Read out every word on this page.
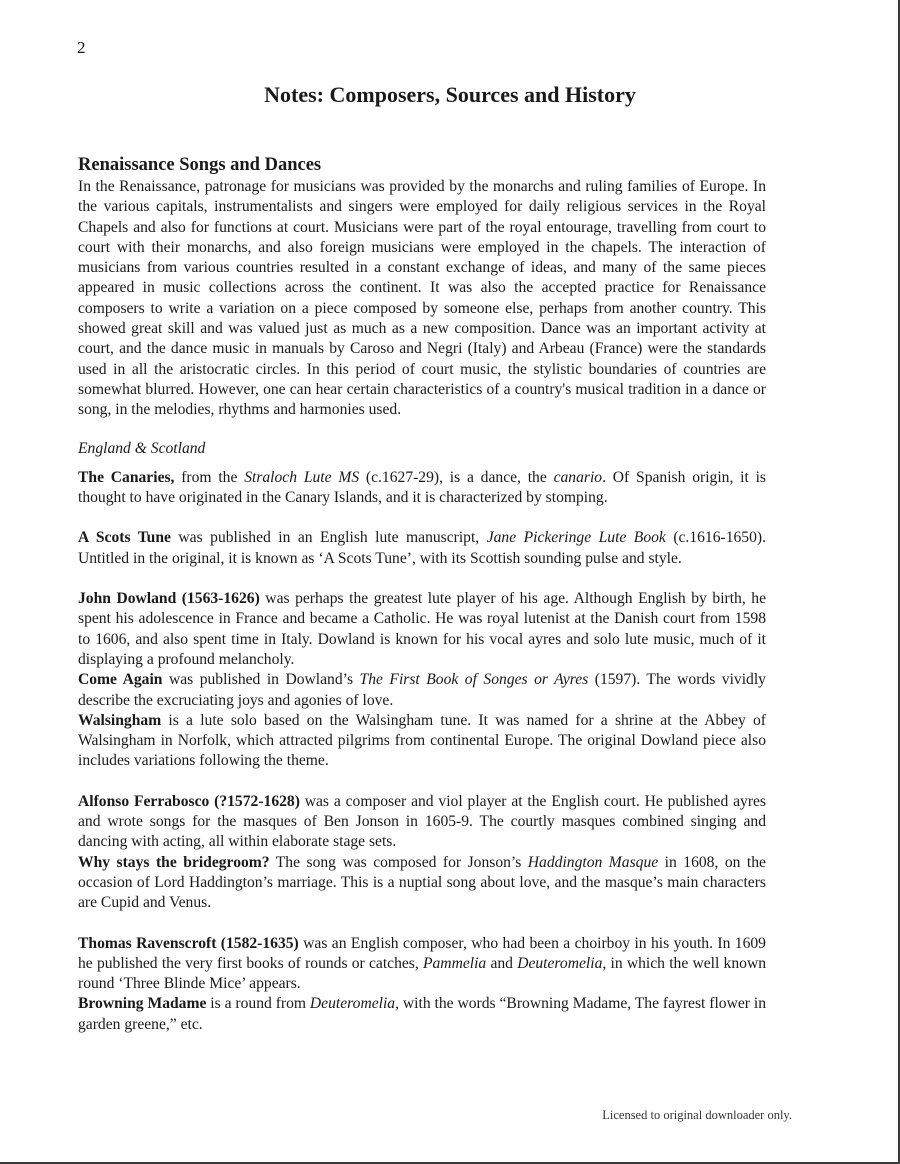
2
Notes: Composers, Sources and History
Renaissance Songs and Dances

In the Renaissance, patronage for musicians was provided by the monarchs and ruling families of Europe. In the various capitals, instrumentalists and singers were employed for daily religious services in the Royal Chapels and also for functions at court. Musicians were part of the royal entourage, travelling from court to court with their monarchs, and also foreign musicians were employed in the chapels. The interaction of musicians from various countries resulted in a constant exchange of ideas, and many of the same pieces appeared in music collections across the continent. It was also the accepted practice for Renaissance composers to write a variation on a piece composed by someone else, perhaps from another country. This showed great skill and was valued just as much as a new composition. Dance was an important activity at court, and the dance music in manuals by Caroso and Negri (Italy) and Arbeau (France) were the standards used in all the aristocratic circles. In this period of court music, the stylistic boundaries of countries are somewhat blurred. However, one can hear certain characteristics of a country's musical tradition in a dance or song, in the melodies, rhythms and harmonies used.

England & Scotland

The Canaries, from the Straloch Lute MS (c.1627-29), is a dance, the canario. Of Spanish origin, it is thought to have originated in the Canary Islands, and it is characterized by stomping.

A Scots Tune was published in an English lute manuscript, Jane Pickeringe Lute Book (c.1616-1650). Untitled in the original, it is known as ‘A Scots Tune’, with its Scottish sounding pulse and style.

John Dowland (1563-1626) was perhaps the greatest lute player of his age. Although English by birth, he spent his adolescence in France and became a Catholic. He was royal lutenist at the Danish court from 1598 to 1606, and also spent time in Italy. Dowland is known for his vocal ayres and solo lute music, much of it displaying a profound melancholy.

Come Again was published in Dowland’s The First Book of Songes or Ayres (1597). The words vividly describe the excruciating joys and agonies of love.

Walsingham is a lute solo based on the Walsingham tune. It was named for a shrine at the Abbey of Walsingham in Norfolk, which attracted pilgrims from continental Europe. The original Dowland piece also includes variations following the theme.

Alfonso Ferrabosco (?1572-1628) was a composer and viol player at the English court. He published ayres and wrote songs for the masques of Ben Jonson in 1605-9. The courtly masques combined singing and dancing with acting, all within elaborate stage sets.

Why stays the bridegroom? The song was composed for Jonson’s Haddington Masque in 1608, on the occasion of Lord Haddington’s marriage. This is a nuptial song about love, and the masque’s main characters are Cupid and Venus.

Thomas Ravenscroft (1582-1635) was an English composer, who had been a choirboy in his youth. In 1609 he published the very first books of rounds or catches, Pammelia and Deuteromelia, in which the well known round ‘Three Blinde Mice’ appears.

Browning Madame is a round from Deuteromelia, with the words “Browning Madame, The fayrest flower in garden greene,” etc.

Licensed to original downloader only.
